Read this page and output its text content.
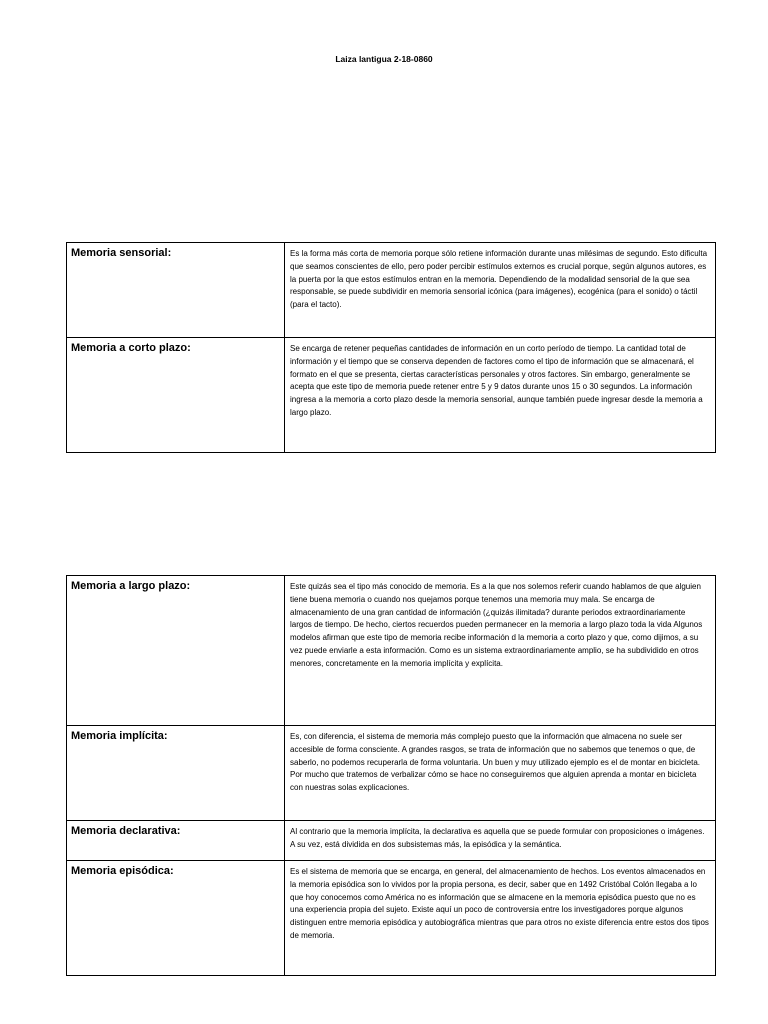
Laiza lantigua 2-18-0860
Memoria sensorial:	Es la forma más corta de memoria porque sólo retiene información durante unas milésimas de segundo. Esto dificulta que seamos conscientes de ello, pero poder percibir estímulos externos es crucial porque, según algunos autores, es la puerta por la que estos estímulos entran en la memoria. Dependiendo de la modalidad sensorial de la que sea responsable, se puede subdividir en memoria sensorial icónica (para imágenes), ecogénica (para el sonido) o táctil (para el tacto).
Memoria a corto plazo:	Se encarga de retener pequeñas cantidades de información en un corto período de tiempo. La cantidad total de información y el tiempo que se conserva dependen de factores como el tipo de información que se almacenará, el formato en el que se presenta, ciertas características personales y otros factores. Sin embargo, generalmente se acepta que este tipo de memoria puede retener entre 5 y 9 datos durante unos 15 o 30 segundos. La información ingresa a la memoria a corto plazo desde la memoria sensorial, aunque también puede ingresar desde la memoria a largo plazo.
Memoria a largo plazo:	Este quizás sea el tipo más conocido de memoria. Es a la que nos solemos referir cuando hablamos de que alguien tiene buena memoria o cuando nos quejamos porque tenemos una memoria muy mala. Se encarga de almacenamiento de una gran cantidad de información (¿quizás ilimitada? durante periodos extraordinariamente largos de tiempo. De hecho, ciertos recuerdos pueden permanecer en la memoria a largo plazo toda la vida Algunos modelos afirman que este tipo de memoria recibe información d la memoria a corto plazo y que, como dijimos, a su vez puede enviarle a esta información. Como es un sistema extraordinariamente amplio, se ha subdividido en otros menores, concretamente en la memoria implícita y explícita.
Memoria implícita:	Es, con diferencia, el sistema de memoria más complejo puesto que la información que almacena no suele ser accesible de forma consciente. A grandes rasgos, se trata de información que no sabemos que tenemos o que, de saberlo, no podemos recuperarla de forma voluntaria. Un buen y muy utilizado ejemplo es el de montar en bicicleta. Por mucho que tratemos de verbalizar cómo se hace no conseguiremos que alguien aprenda a montar en bicicleta con nuestras solas explicaciones.
Memoria declarativa:	Al contrario que la memoria implícita, la declarativa es aquella que se puede formular con proposiciones o imágenes. A su vez, está dividida en dos subsistemas más, la episódica y la semántica.
Memoria episódica:	Es el sistema de memoria que se encarga, en general, del almacenamiento de hechos. Los eventos almacenados en la memoria episódica son lo vividos por la propia persona, es decir, saber que en 1492 Cristóbal Colón llegaba a lo que hoy conocemos como América no es información que se almacene en la memoria episódica puesto que no es una experiencia propia del sujeto. Existe aquí un poco de controversia entre los investigadores porque algunos distinguen entre memoria episódica y autobiográfica mientras que para otros no existe diferencia entre estos dos tipos de memoria.
